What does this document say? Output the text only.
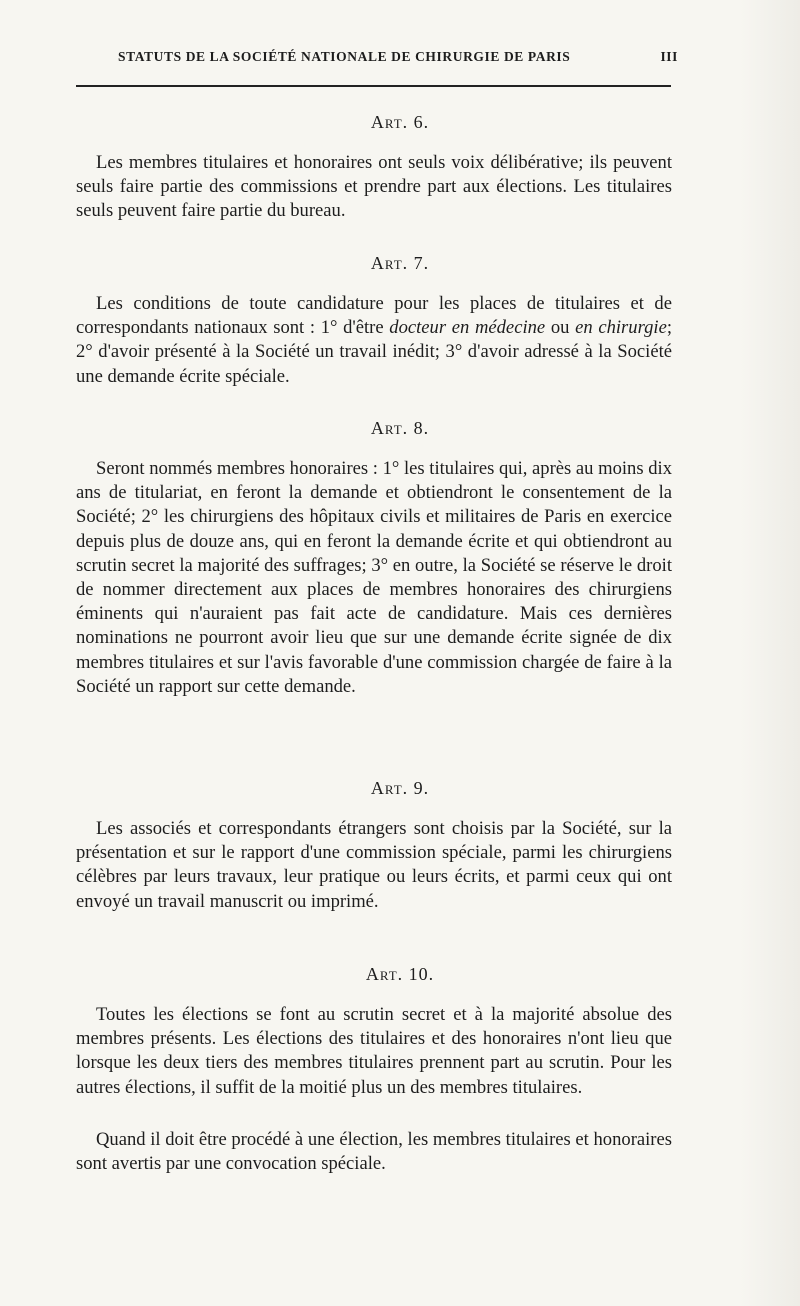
STATUTS DE LA SOCIÉTÉ NATIONALE DE CHIRURGIE DE PARIS	III
Art. 6.
Les membres titulaires et honoraires ont seuls voix délibérative; ils peuvent seuls faire partie des commissions et prendre part aux élections. Les titulaires seuls peuvent faire partie du bureau.
Art. 7.
Les conditions de toute candidature pour les places de titulaires et de correspondants nationaux sont : 1° d'être docteur en médecine ou en chirurgie; 2° d'avoir présenté à la Société un travail inédit; 3° d'avoir adressé à la Société une demande écrite spéciale.
Art. 8.
Seront nommés membres honoraires : 1° les titulaires qui, après au moins dix ans de titulariat, en feront la demande et obtiendront le consentement de la Société; 2° les chirurgiens des hôpitaux civils et militaires de Paris en exercice depuis plus de douze ans, qui en feront la demande écrite et qui obtiendront au scrutin secret la majorité des suffrages; 3° en outre, la Société se réserve le droit de nommer directement aux places de membres honoraires des chirurgiens éminents qui n'auraient pas fait acte de candidature. Mais ces dernières nominations ne pourront avoir lieu que sur une demande écrite signée de dix membres titulaires et sur l'avis favorable d'une commission chargée de faire à la Société un rapport sur cette demande.
Art. 9.
Les associés et correspondants étrangers sont choisis par la Société, sur la présentation et sur le rapport d'une commission spéciale, parmi les chirurgiens célèbres par leurs travaux, leur pratique ou leurs écrits, et parmi ceux qui ont envoyé un travail manuscrit ou imprimé.
Art. 10.
Toutes les élections se font au scrutin secret et à la majorité absolue des membres présents. Les élections des titulaires et des honoraires n'ont lieu que lorsque les deux tiers des membres titulaires prennent part au scrutin. Pour les autres élections, il suffit de la moitié plus un des membres titulaires.
Quand il doit être procédé à une élection, les membres titulaires et honoraires sont avertis par une convocation spéciale.
